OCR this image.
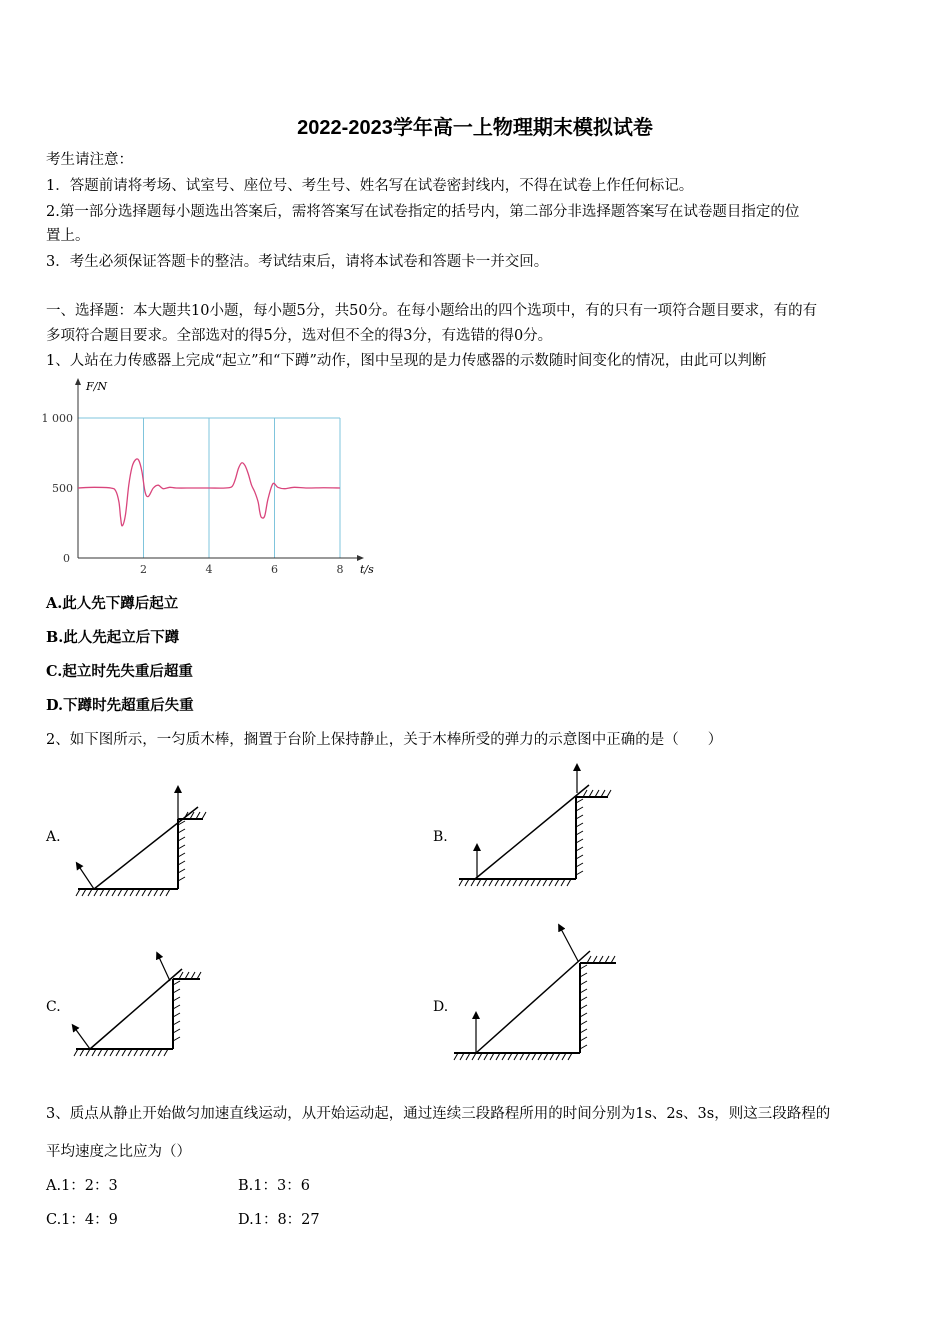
2022-2023学年高一上物理期末模拟试卷
考生请注意：
1．答题前请将考场、试室号、座位号、考生号、姓名写在试卷密封线内，不得在试卷上作任何标记。
2.第一部分选择题每小题选出答案后，需将答案写在试卷指定的括号内，第二部分非选择题答案写在试卷题目指定的位
置上。
3．考生必须保证答题卡的整洁。考试结束后，请将本试卷和答题卡一并交回。
一、选择题：本大题共10小题，每小题5分，共50分。在每小题给出的四个选项中，有的只有一项符合题目要求，有的有
多项符合题目要求。全部选对的得5分，选对但不全的得3分，有选错的得0分。
1、人站在力传感器上完成“起立”和“下蹲”动作，图中呈现的是力传感器的示数随时间变化的情况，由此可以判断
2	4	6	8
500
1 000
0
F/N
t/s
A.此人先下蹲后起立
B.此人先起立后下蹲
C.起立时先失重后超重
D.下蹲时先超重后失重
2、如下图所示，一匀质木棒，搁置于台阶上保持静止，关于木棒所受的弹力的示意图中正确的是（　　）
A.	B.
C.	D.
3、质点从静止开始做匀加速直线运动，从开始运动起，通过连续三段路程所用的时间分别为1s、2s、3s，则这三段路程的
平均速度之比应为（）
A.1：2：3	B.1：3：6
C.1：4：9	D.1：8：27
